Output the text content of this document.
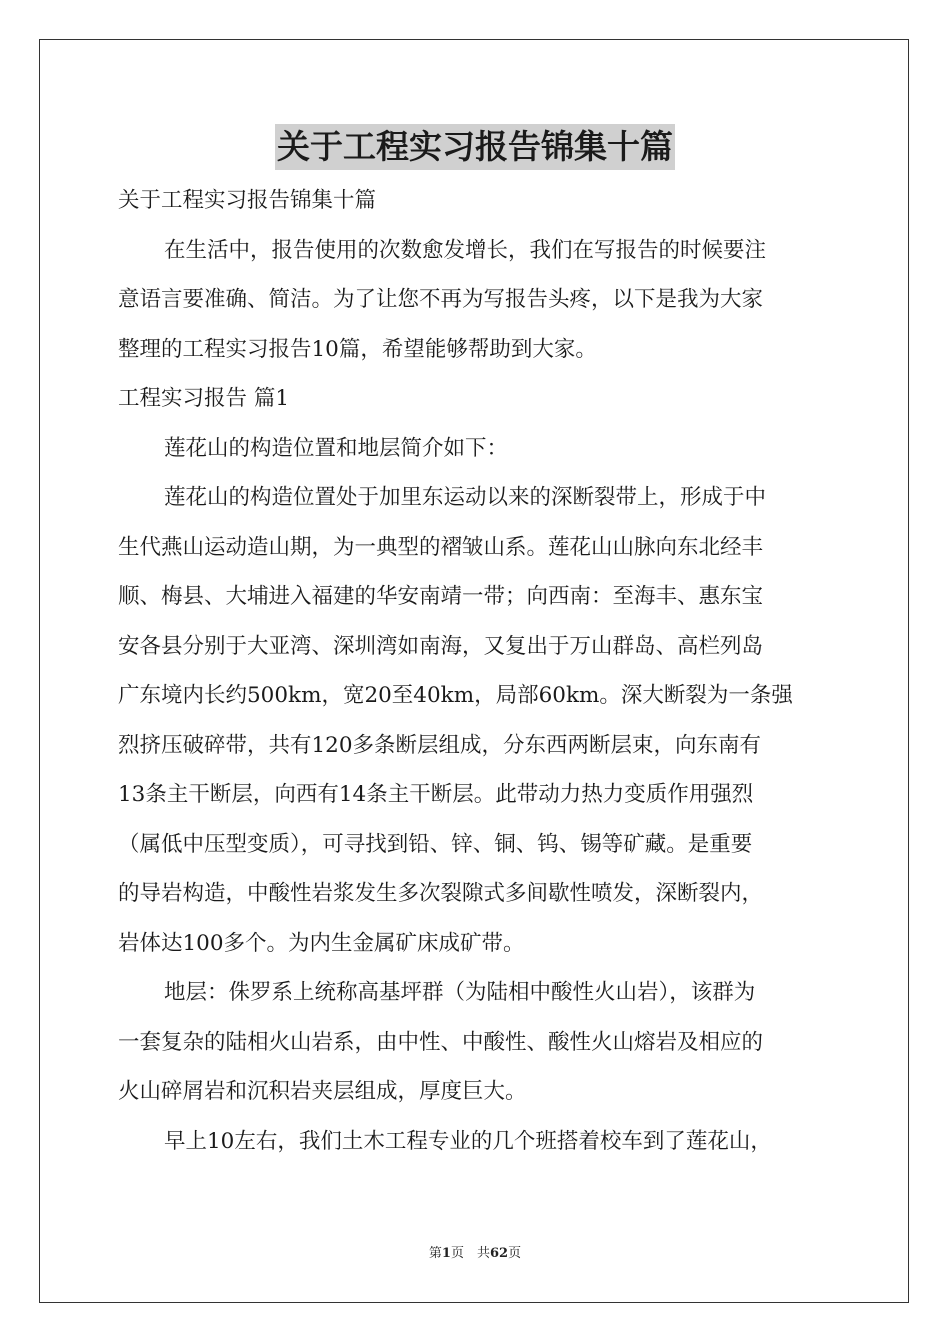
关于工程实习报告锦集十篇
关于工程实习报告锦集十篇
在生活中，报告使用的次数愈发增长，我们在写报告的时候要注
意语言要准确、简洁。为了让您不再为写报告头疼，以下是我为大家
整理的工程实习报告10篇，希望能够帮助到大家。
工程实习报告 篇1
莲花山的构造位置和地层简介如下：
莲花山的构造位置处于加里东运动以来的深断裂带上，形成于中
生代燕山运动造山期，为一典型的褶皱山系。莲花山山脉向东北经丰
顺、梅县、大埔进入福建的华安南靖一带；向西南：至海丰、惠东宝
安各县分别于大亚湾、深圳湾如南海，又复出于万山群岛、高栏列岛
广东境内长约500km，宽20至40km，局部60km。深大断裂为一条强
烈挤压破碎带，共有120多条断层组成，分东西两断层束，向东南有
13条主干断层，向西有14条主干断层。此带动力热力变质作用强烈
（属低中压型变质），可寻找到铅、锌、铜、钨、锡等矿藏。是重要
的导岩构造，中酸性岩浆发生多次裂隙式多间歇性喷发，深断裂内，
岩体达100多个。为内生金属矿床成矿带。
地层：侏罗系上统称高基坪群（为陆相中酸性火山岩），该群为
一套复杂的陆相火山岩系，由中性、中酸性、酸性火山熔岩及相应的
火山碎屑岩和沉积岩夹层组成，厚度巨大。
早上10左右，我们土木工程专业的几个班搭着校车到了莲花山，
第1页　共62页
